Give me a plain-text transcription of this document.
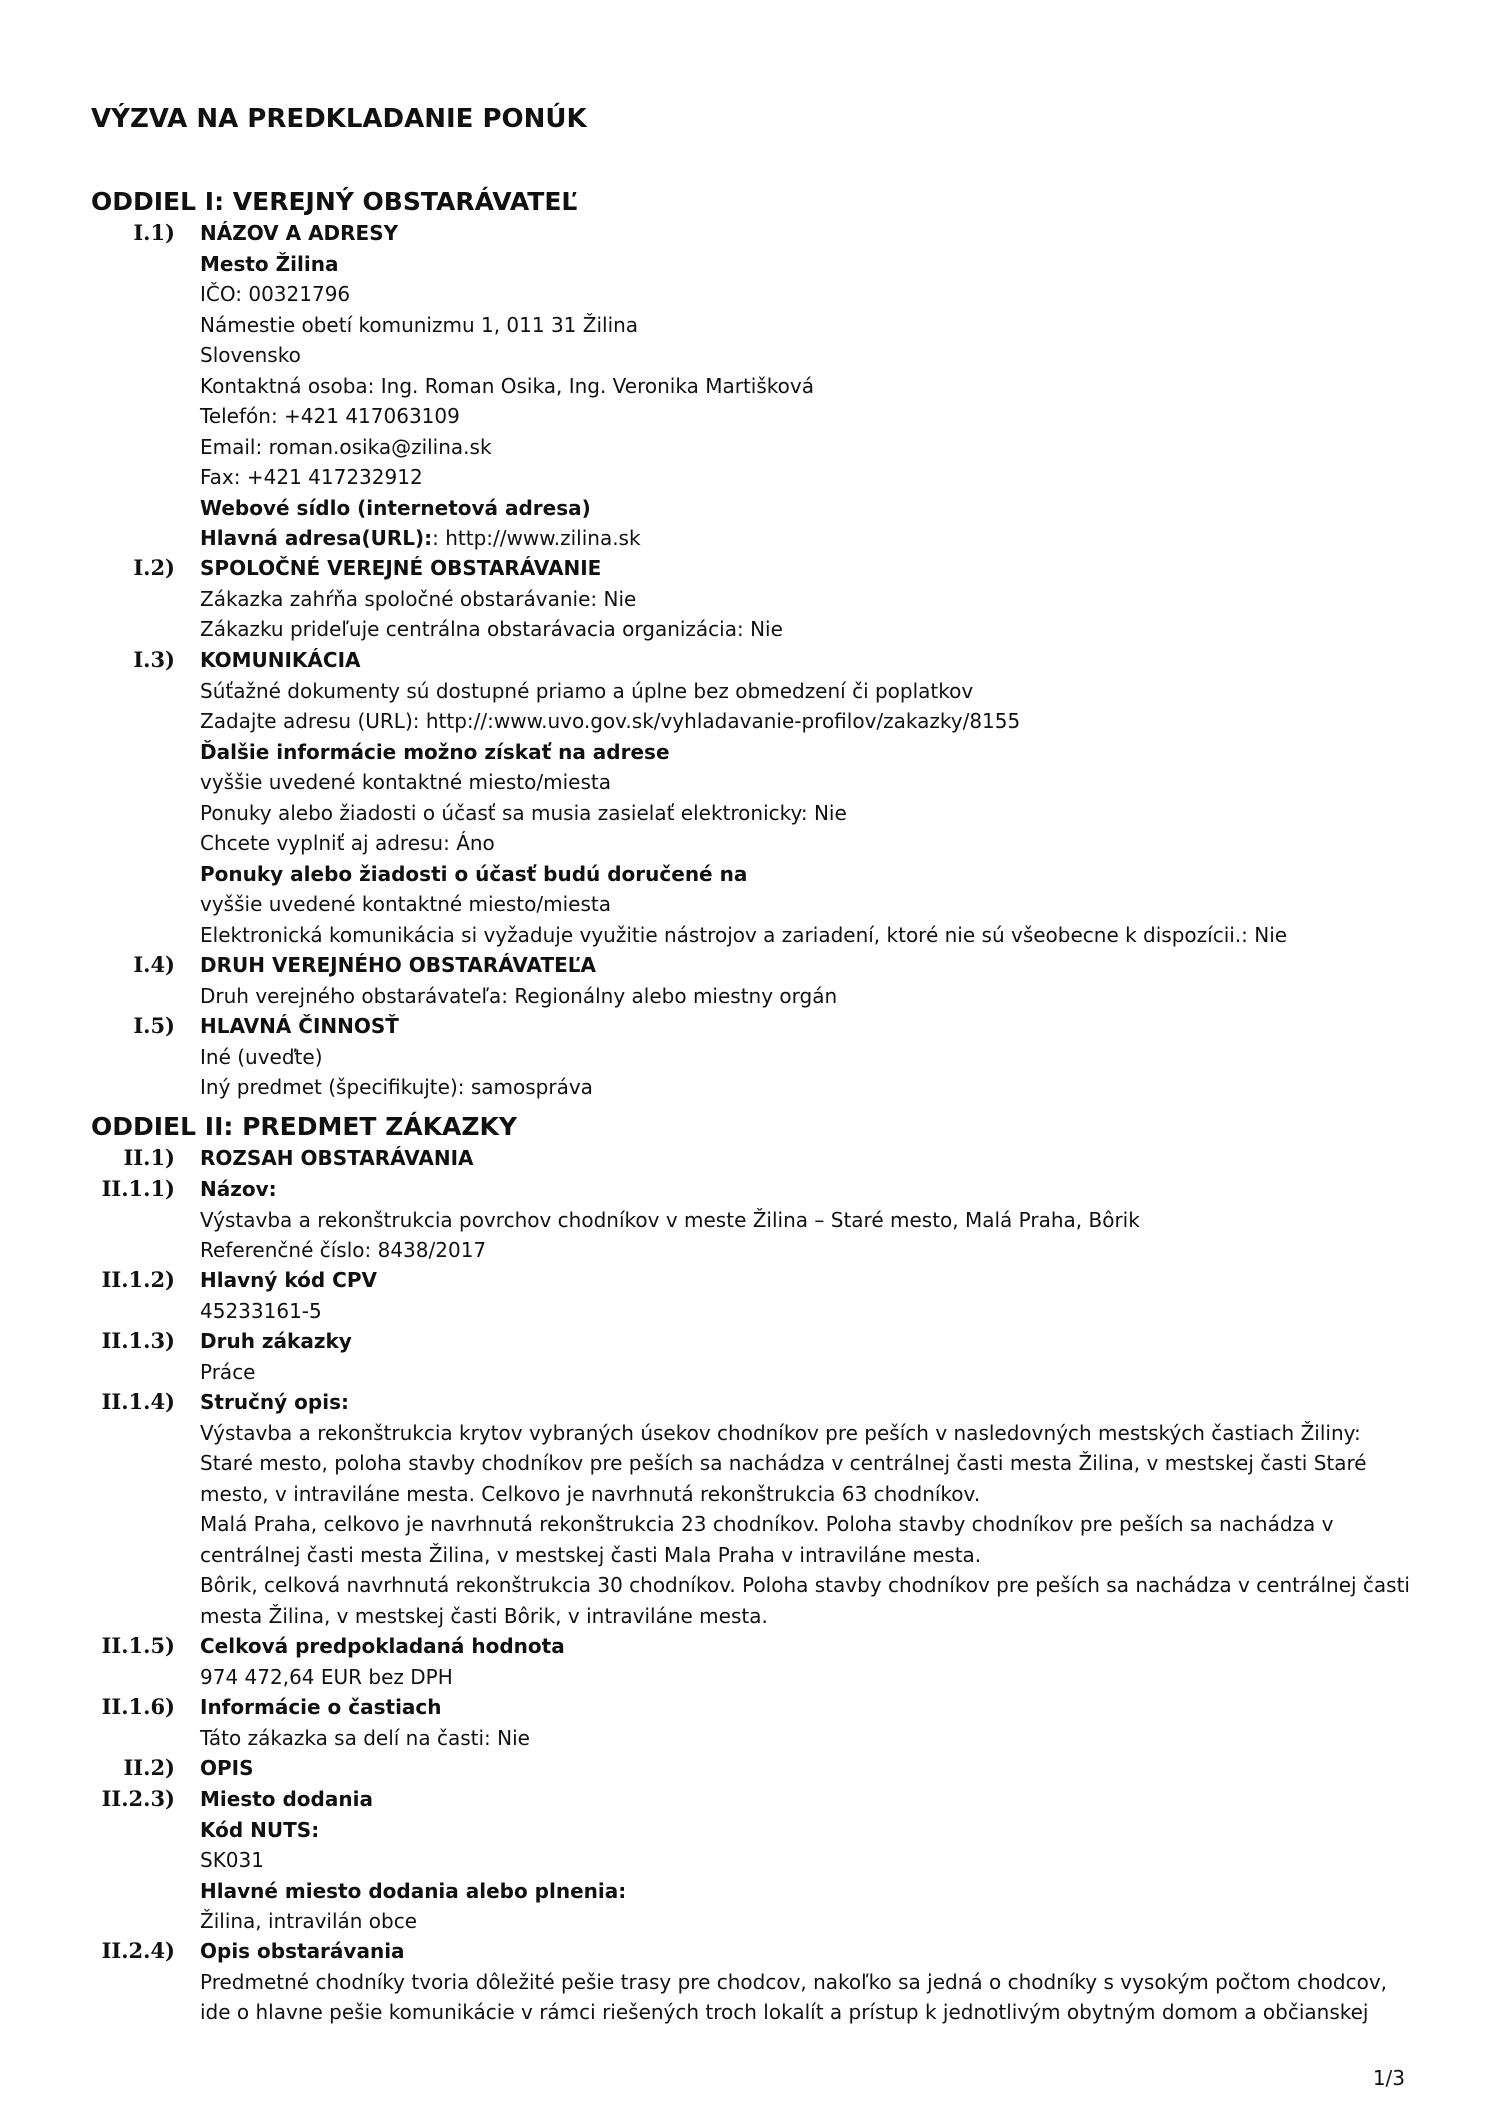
VÝZVA NA PREDKLADANIE PONÚK
ODDIEL I: VEREJNÝ OBSTARÁVATEĽ
I.1) NÁZOV A ADRESY
Mesto Žilina
IČO: 00321796
Námestie obetí komunizmu 1, 011 31 Žilina
Slovensko
Kontaktná osoba: Ing. Roman Osika, Ing. Veronika Martišková
Telefón: +421 417063109
Email: roman.osika@zilina.sk
Fax: +421 417232912
Webové sídlo (internetová adresa)
Hlavná adresa(URL):: http://www.zilina.sk
I.2) SPOLOČNÉ VEREJNÉ OBSTARÁVANIE
Zákazka zahŕňa spoločné obstarávanie: Nie
Zákazku prideľuje centrálna obstarávacia organizácia: Nie
I.3) KOMUNIKÁCIA
Súťažné dokumenty sú dostupné priamo a úplne bez obmedzení či poplatkov
Zadajte adresu (URL): http://:www.uvo.gov.sk/vyhladavanie-profilov/zakazky/8155
Ďalšie informácie možno získať na adrese
vyššie uvedené kontaktné miesto/miesta
Ponuky alebo žiadosti o účasť sa musia zasielať elektronicky: Nie
Chcete vyplniť aj adresu: Áno
Ponuky alebo žiadosti o účasť budú doručené na
vyššie uvedené kontaktné miesto/miesta
Elektronická komunikácia si vyžaduje využitie nástrojov a zariadení, ktoré nie sú všeobecne k dispozícii.: Nie
I.4) DRUH VEREJNÉHO OBSTARÁVATEĽA
Druh verejného obstarávateľa: Regionálny alebo miestny orgán
I.5) HLAVNÁ ČINNOSŤ
Iné (uveďte)
Iný predmet (špecifikujte): samospráva
ODDIEL II: PREDMET ZÁKAZKY
II.1) ROZSAH OBSTARÁVANIA
II.1.1) Názov:
Výstavba a rekonštrukcia povrchov chodníkov v meste Žilina – Staré mesto, Malá Praha, Bôrik
Referenčné číslo: 8438/2017
II.1.2) Hlavný kód CPV
45233161-5
II.1.3) Druh zákazky
Práce
II.1.4) Stručný opis:
Výstavba a rekonštrukcia krytov vybraných úsekov chodníkov pre peších v nasledovných mestských častiach Žiliny:
Staré mesto, poloha stavby chodníkov pre peších sa nachádza v centrálnej časti mesta Žilina, v mestskej časti Staré
mesto, v intraviláne mesta. Celkovo je navrhnutá rekonštrukcia 63 chodníkov.
Malá Praha, celkovo je navrhnutá rekonštrukcia 23 chodníkov. Poloha stavby chodníkov pre peších sa nachádza v
centrálnej časti mesta Žilina, v mestskej časti Mala Praha v intraviláne mesta.
Bôrik, celková navrhnutá rekonštrukcia 30 chodníkov. Poloha stavby chodníkov pre peších sa nachádza v centrálnej časti
mesta Žilina, v mestskej časti Bôrik, v intraviláne mesta.
II.1.5) Celková predpokladaná hodnota
974 472,64 EUR bez DPH
II.1.6) Informácie o častiach
Táto zákazka sa delí na časti: Nie
II.2) OPIS
II.2.3) Miesto dodania
Kód NUTS:
SK031
Hlavné miesto dodania alebo plnenia:
Žilina, intravilán obce
II.2.4) Opis obstarávania
Predmetné chodníky tvoria dôležité pešie trasy pre chodcov, nakoľko sa jedná o chodníky s vysokým počtom chodcov,
ide o hlavne pešie komunikácie v rámci riešených troch lokalít a prístup k jednotlivým obytným domom a občianskej
1/3
